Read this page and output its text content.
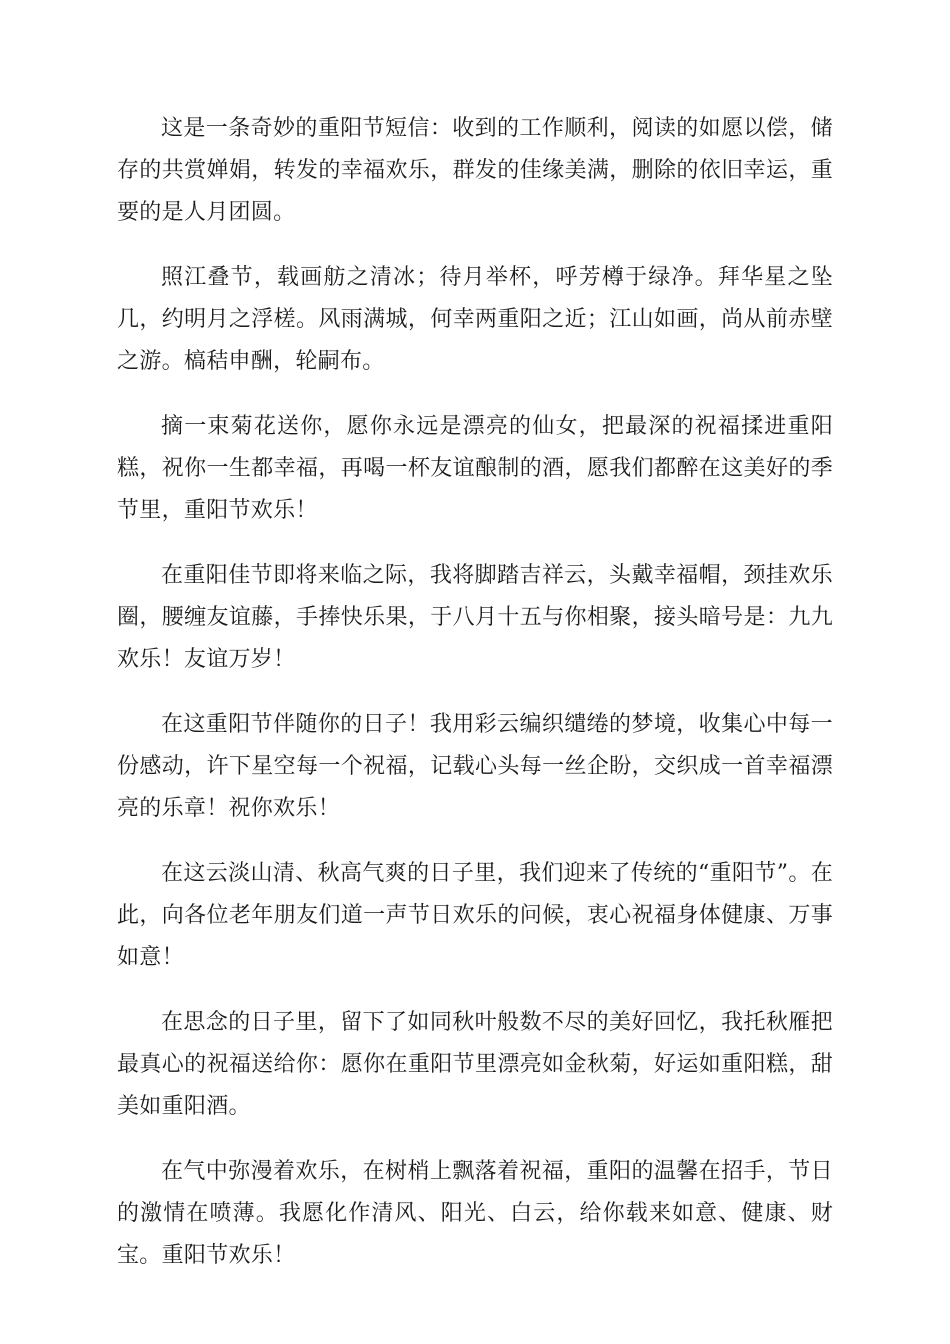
这是一条奇妙的重阳节短信：收到的工作顺利，阅读的如愿以偿，储存的共赏婵娟，转发的幸福欢乐，群发的佳缘美满，删除的依旧幸运，重要的是人月团圆。

照江叠节，载画舫之清冰；待月举杯，呼芳樽于绿净。拜华星之坠几，约明月之浮槎。风雨满城，何幸两重阳之近；江山如画，尚从前赤壁之游。槁秸申酬，轮嗣布。

摘一束菊花送你，愿你永远是漂亮的仙女，把最深的祝福揉进重阳糕，祝你一生都幸福，再喝一杯友谊酿制的酒，愿我们都醉在这美好的季节里，重阳节欢乐！

在重阳佳节即将来临之际，我将脚踏吉祥云，头戴幸福帽，颈挂欢乐圈，腰缠友谊藤，手捧快乐果，于八月十五与你相聚，接头暗号是：九九欢乐！友谊万岁！

在这重阳节伴随你的日子！我用彩云编织缱绻的梦境，收集心中每一份感动，许下星空每一个祝福，记载心头每一丝企盼，交织成一首幸福漂亮的乐章！祝你欢乐！

在这云淡山清、秋高气爽的日子里，我们迎来了传统的“重阳节”。在此，向各位老年朋友们道一声节日欢乐的问候，衷心祝福身体健康、万事如意！

在思念的日子里，留下了如同秋叶般数不尽的美好回忆，我托秋雁把最真心的祝福送给你：愿你在重阳节里漂亮如金秋菊，好运如重阳糕，甜美如重阳酒。

在气中弥漫着欢乐，在树梢上飘落着祝福，重阳的温馨在招手，节日的激情在喷薄。我愿化作清风、阳光、白云，给你载来如意、健康、财宝。重阳节欢乐！
